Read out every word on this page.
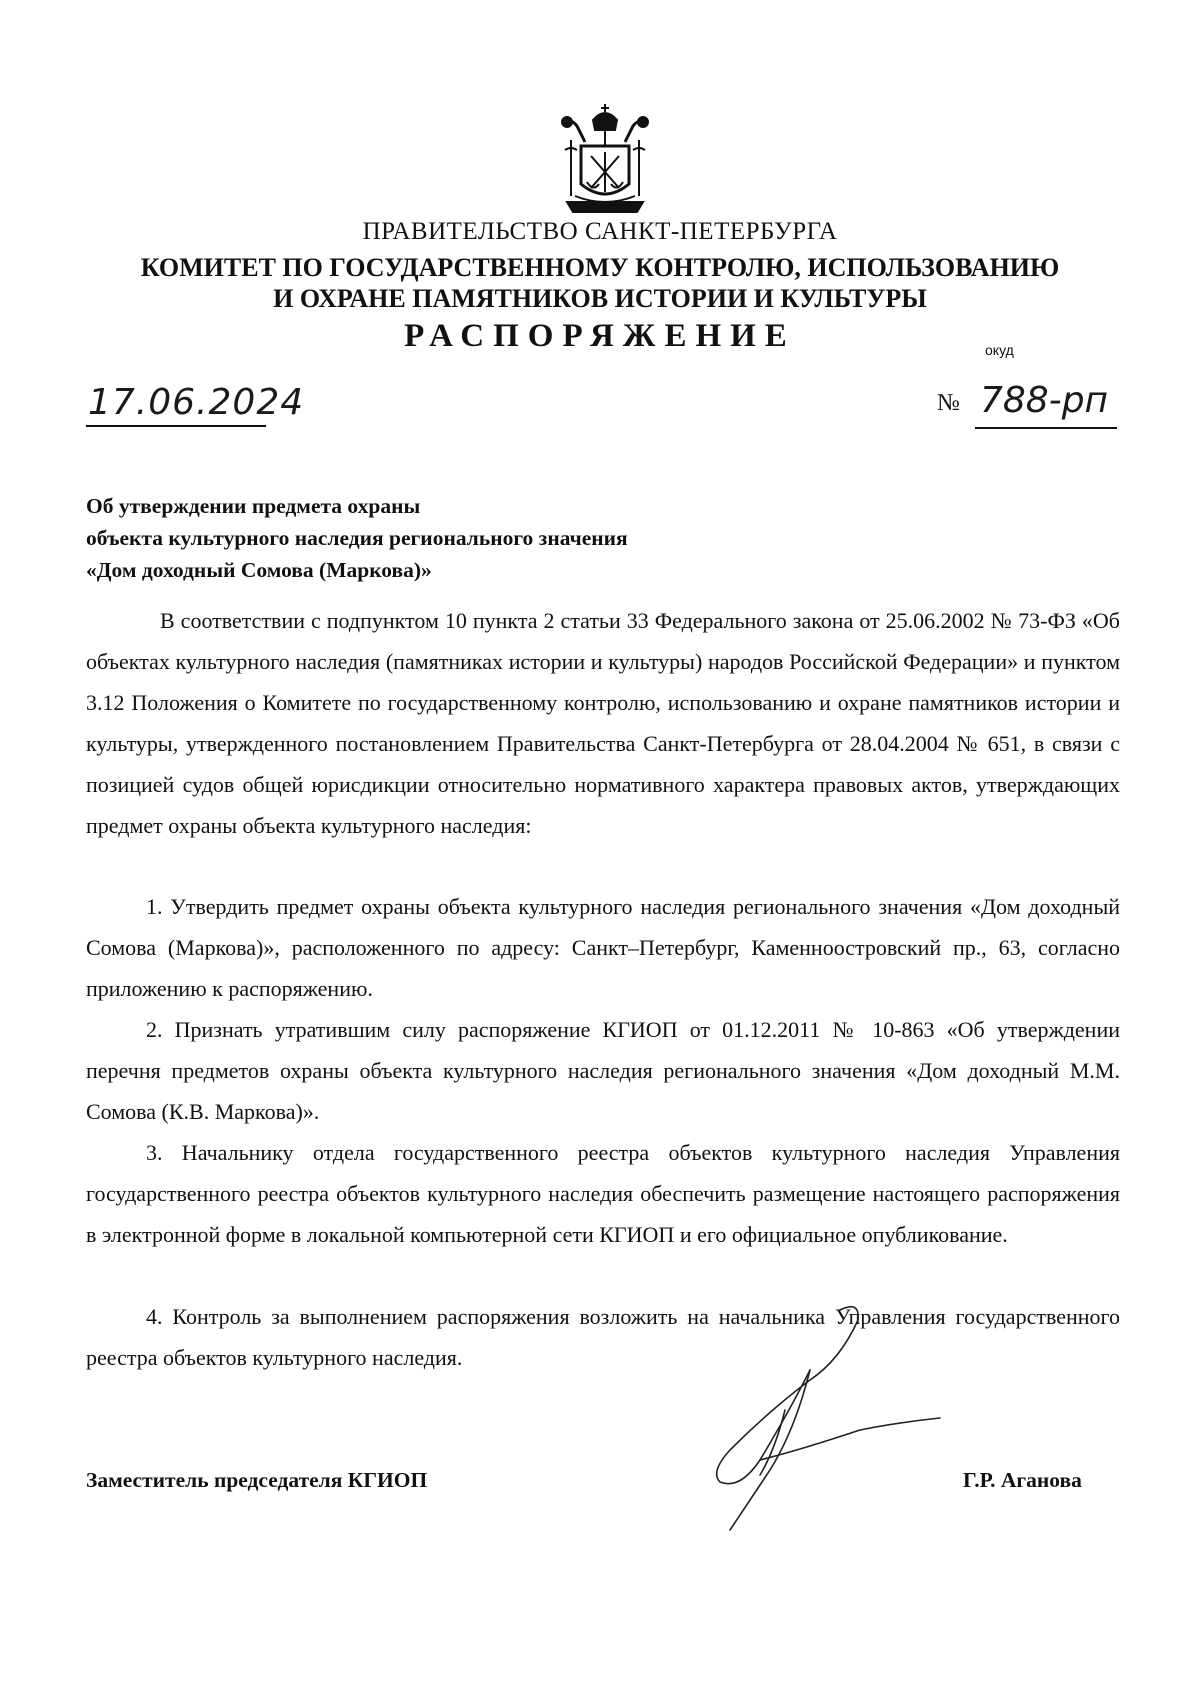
ПРАВИТЕЛЬСТВО САНКТ-ПЕТЕРБУРГА
КОМИТЕТ ПО ГОСУДАРСТВЕННОМУ КОНТРОЛЮ, ИСПОЛЬЗОВАНИЮ
И ОХРАНЕ ПАМЯТНИКОВ ИСТОРИИ И КУЛЬТУРЫ
РАСПОРЯЖЕНИЕ	окуд
17.06.2024	№ 788-рп
Об утверждении предмета охраны
объекта культурного наследия регионального значения
«Дом доходный Сомова (Маркова)»
В соответствии с подпунктом 10 пункта 2 статьи 33 Федерального закона от 25.06.2002 № 73-ФЗ «Об объектах культурного наследия (памятниках истории и культуры) народов Российской Федерации» и пунктом 3.12 Положения о Комитете по государственному контролю, использованию и охране памятников истории и культуры, утвержденного постановлением Правительства Санкт-Петербурга от 28.04.2004 № 651, в связи с позицией судов общей юрисдикции относительно нормативного характера правовых актов, утверждающих предмет охраны объекта культурного наследия:
1. Утвердить предмет охраны объекта культурного наследия регионального значения «Дом доходный Сомова (Маркова)», расположенного по адресу: Санкт–Петербург, Каменноостровский пр., 63, согласно приложению к распоряжению.
2. Признать утратившим силу распоряжение КГИОП от 01.12.2011 № 10-863 «Об утверждении перечня предметов охраны объекта культурного наследия регионального значения «Дом доходный М.М. Сомова (К.В. Маркова)».
3. Начальнику отдела государственного реестра объектов культурного наследия Управления государственного реестра объектов культурного наследия обеспечить размещение настоящего распоряжения в электронной форме в локальной компьютерной сети КГИОП и его официальное опубликование.
4. Контроль за выполнением распоряжения возложить на начальника Управления государственного реестра объектов культурного наследия.
Заместитель председателя КГИОП	Г.Р. Аганова
